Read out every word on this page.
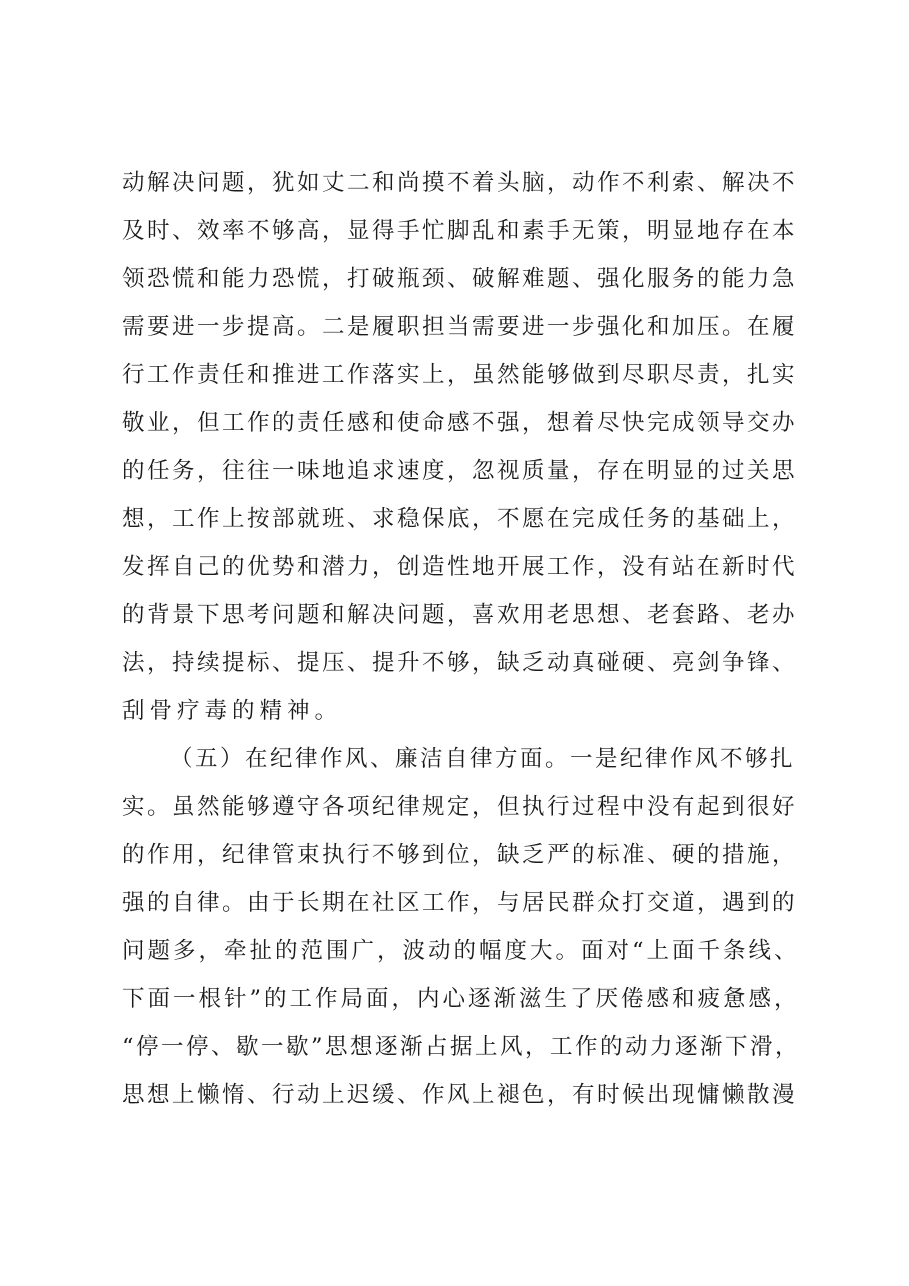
动解决问题，犹如丈二和尚摸不着头脑，动作不利索、解决不
及时、效率不够高，显得手忙脚乱和素手无策，明显地存在本
领恐慌和能力恐慌，打破瓶颈、破解难题、强化服务的能力急
需要进一步提高。二是履职担当需要进一步强化和加压。在履
行工作责任和推进工作落实上，虽然能够做到尽职尽责，扎实
敬业，但工作的责任感和使命感不强，想着尽快完成领导交办
的任务，往往一味地追求速度，忽视质量，存在明显的过关思
想，工作上按部就班、求稳保底，不愿在完成任务的基础上，
发挥自己的优势和潜力，创造性地开展工作，没有站在新时代
的背景下思考问题和解决问题，喜欢用老思想、老套路、老办
法，持续提标、提压、提升不够，缺乏动真碰硬、亮剑争锋、
刮骨疗毒的精神。
（五）在纪律作风、廉洁自律方面。一是纪律作风不够扎
实。虽然能够遵守各项纪律规定，但执行过程中没有起到很好
的作用，纪律管束执行不够到位，缺乏严的标准、硬的措施，
强的自律。由于长期在社区工作，与居民群众打交道，遇到的
问题多，牵扯的范围广，波动的幅度大。面对“上面千条线、
下面一根针”的工作局面，内心逐渐滋生了厌倦感和疲惫感，
“停一停、歇一歇”思想逐渐占据上风，工作的动力逐渐下滑，
思想上懒惰、行动上迟缓、作风上褪色，有时候出现慵懒散漫
